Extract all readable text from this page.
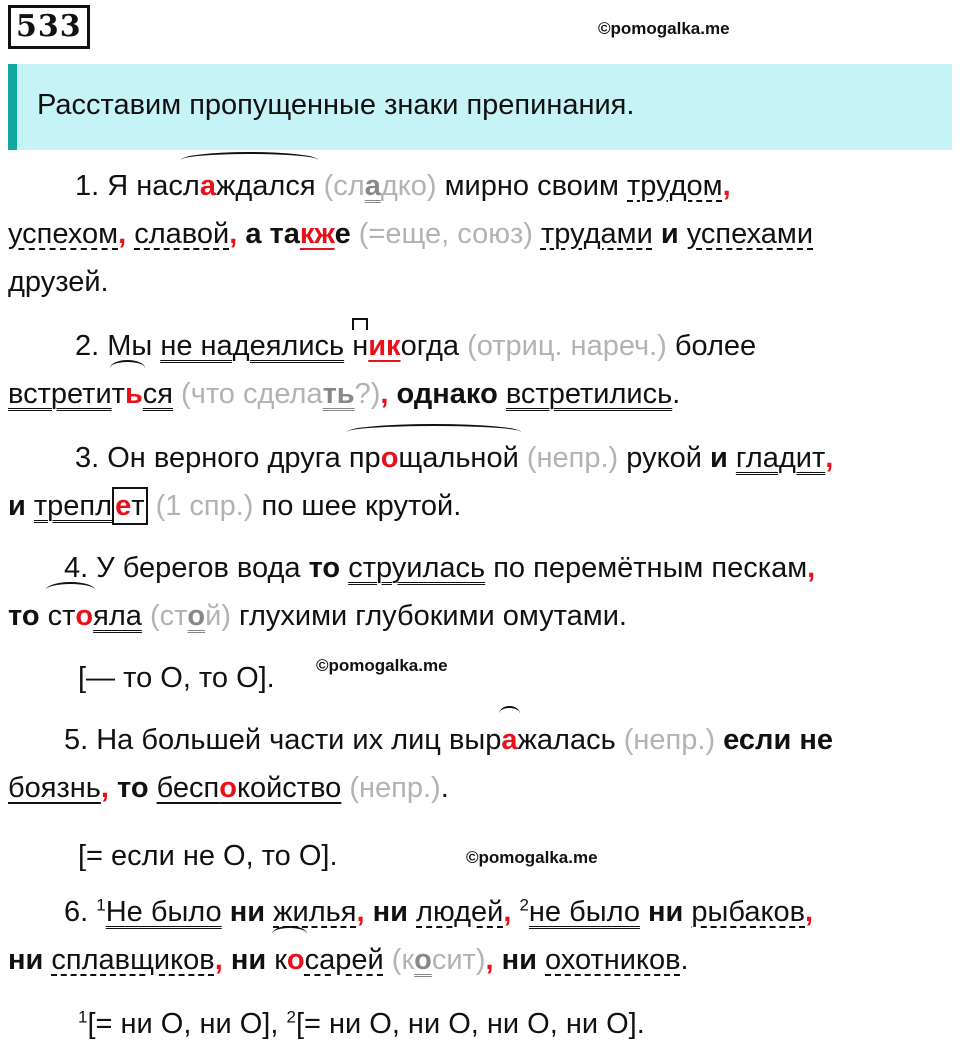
533	©pomogalka.me
Расставим пропущенные знаки препинания.
1. Я наслаждался (сладко) мирно своим трудом,
успехом, славой, а также (=еще, союз) трудами и успехами
друзей.
2. Мы не надеялись никогда (отриц. нареч.) более
встретиться (что сделать?), однако встретились.
3. Он верного друга прощальной (непр.) рукой и гладит,
и трепл ет (1 спр.) по шее крутой.
4. У берегов вода то струилась по перемётным пескам,
то стояла (стой) глухими глубокими омутами.
[— то О, то О].	©pomogalka.me
5. На большей части их лиц выражалась (непр.) если не
боязнь, то беспокойство (непр.).
[= если не О, то О].	©pomogalka.me
6. $^1$Не было ни жилья, ни людей, $^2$не было ни рыбаков,
ни сплавщиков, ни косарей (косит), ни охотников.
$^1$[= ни О, ни О], $^2$[= ни О, ни О, ни О, ни О].
